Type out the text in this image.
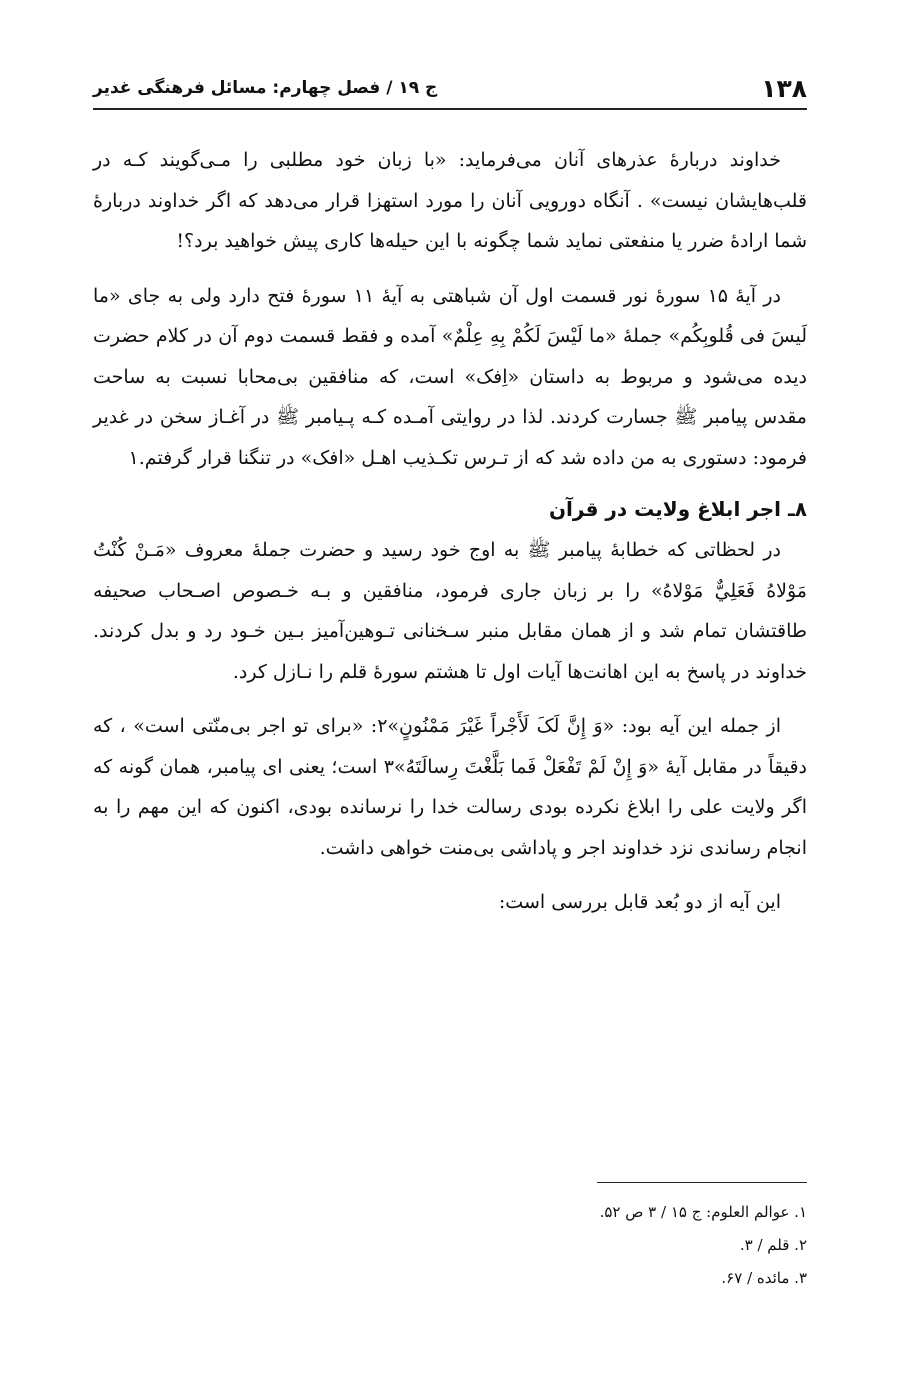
۱۳۸
ج ۱۹ / فصل چهارم: مسائل فرهنگی غدیر

خداوند دربارۀ عذرهای آنان می‌فرماید: «با زبان خود مطلبی را مـی‌گویند کـه در قلب‌هایشان نیست» . آنگاه دورویی آنان را مورد استهزا قرار می‌دهد که اگر خداوند دربارۀ شما ارادۀ ضرر یا منفعتی نماید شما چگونه با این حیله‌ها کاری پیش خواهید برد؟!

در آیۀ ۱۵ سورۀ نور قسمت اول آن شباهتی به آیۀ ۱۱ سورۀ فتح دارد ولی به جای «ما لَیسَ فی قُلوبِکُم» جملۀ «ما لَیْسَ لَکُمْ بِهِ عِلْمٌ» آمده و فقط قسمت دوم آن در کلام حضرت دیده می‌شود و مربوط به داستان «اِفک» است، که منافقین بی‌محابا نسبت به ساحت مقدس پیامبر ﷺ جسارت کردند. لذا در روایتی آمـده کـه پـیامبر ﷺ در آغـاز سخن در غدیر فرمود: دستوری به من داده شد که از تـرس تکـذیب اهـل «افک» در تنگنا قرار گرفتم.۱

۸ـ اجر ابلاغ ولایت در قرآن

در لحظاتی که خطابۀ پیامبر ﷺ به اوج خود رسید و حضرت جملۀ معروف «مَـنْ کُنْتُ مَوْلاهُ فَعَلِيٌّ مَوْلاهُ» را بر زبان جاری فرمود، منافقین و بـه خـصوص اصـحاب صحیفه طاقتشان تمام شد و از همان مقابل منبر سـخنانی تـوهین‌آمیز بـین خـود رد و بدل کردند. خداوند در پاسخ به این اهانت‌ها آیات اول تا هشتم سورۀ قلم را نـازل کرد.

از جمله این آیه بود: «وَ إِنَّ لَکَ لَأَجْراً غَیْرَ مَمْنُونٍ»۲: «برای تو اجر بی‌منّتی است» ، که دقیقاً در مقابل آیۀ «وَ إِنْ لَمْ تَفْعَلْ فَما بَلَّغْتَ رِسالَتَهُ»۳ است؛ یعنی ای پیامبر، همان گونه که اگر ولایت علی را ابلاغ نکرده بودی رسالت خدا را نرسانده بودی، اکنون که این مهم را به انجام رساندی نزد خداوند اجر و پاداشی بی‌منت خواهی داشت.

این آیه از دو بُعد قابل بررسی است:

۱. عوالم العلوم: ج ۱۵ / ۳ ص ۵۲.
۲. قلم / ۳.
۳. مائده / ۶۷.
